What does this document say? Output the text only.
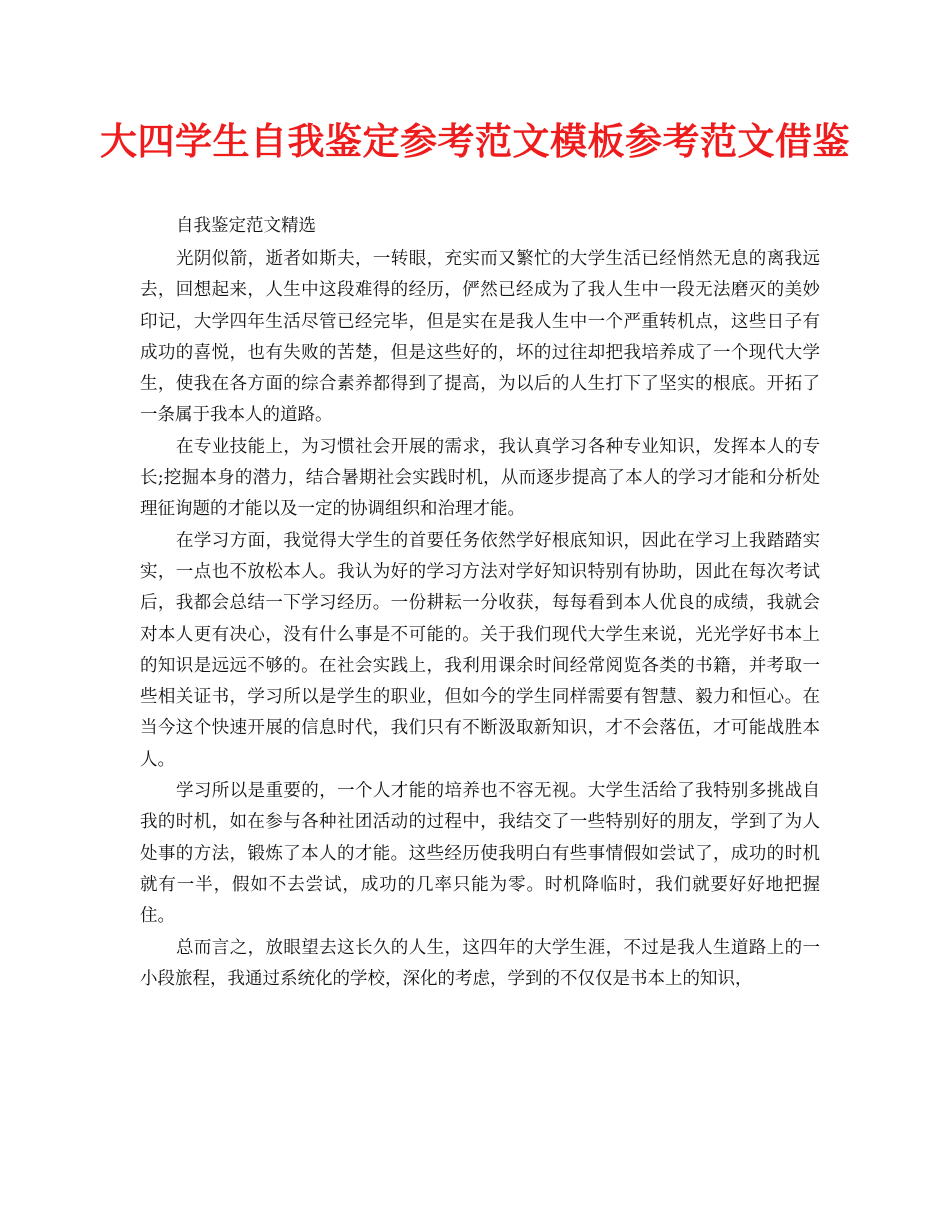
大四学生自我鉴定参考范文模板参考范文借鉴

自我鉴定范文精选

光阴似箭，逝者如斯夫，一转眼，充实而又繁忙的大学生活已经悄然无息的离我远去，回想起来，人生中这段难得的经历，俨然已经成为了我人生中一段无法磨灭的美妙印记，大学四年生活尽管已经完毕，但是实在是我人生中一个严重转机点，这些日子有成功的喜悦，也有失败的苦楚，但是这些好的，坏的过往却把我培养成了一个现代大学生，使我在各方面的综合素养都得到了提高，为以后的人生打下了坚实的根底。开拓了一条属于我本人的道路。

在专业技能上，为习惯社会开展的需求，我认真学习各种专业知识，发挥本人的专长;挖掘本身的潜力，结合暑期社会实践时机，从而逐步提高了本人的学习才能和分析处理征询题的才能以及一定的协调组织和治理才能。

在学习方面，我觉得大学生的首要任务依然学好根底知识，因此在学习上我踏踏实实，一点也不放松本人。我认为好的学习方法对学好知识特别有协助，因此在每次考试后，我都会总结一下学习经历。一份耕耘一分收获，每每看到本人优良的成绩，我就会对本人更有决心，没有什么事是不可能的。关于我们现代大学生来说，光光学好书本上的知识是远远不够的。在社会实践上，我利用课余时间经常阅览各类的书籍，并考取一些相关证书，学习所以是学生的职业，但如今的学生同样需要有智慧、毅力和恒心。在当今这个快速开展的信息时代，我们只有不断汲取新知识，才不会落伍，才可能战胜本人。

学习所以是重要的，一个人才能的培养也不容无视。大学生活给了我特别多挑战自我的时机，如在参与各种社团活动的过程中，我结交了一些特别好的朋友，学到了为人处事的方法，锻炼了本人的才能。这些经历使我明白有些事情假如尝试了，成功的时机就有一半，假如不去尝试，成功的几率只能为零。时机降临时，我们就要好好地把握住。

总而言之，放眼望去这长久的人生，这四年的大学生涯，不过是我人生道路上的一小段旅程，我通过系统化的学校，深化的考虑，学到的不仅仅是书本上的知识，
